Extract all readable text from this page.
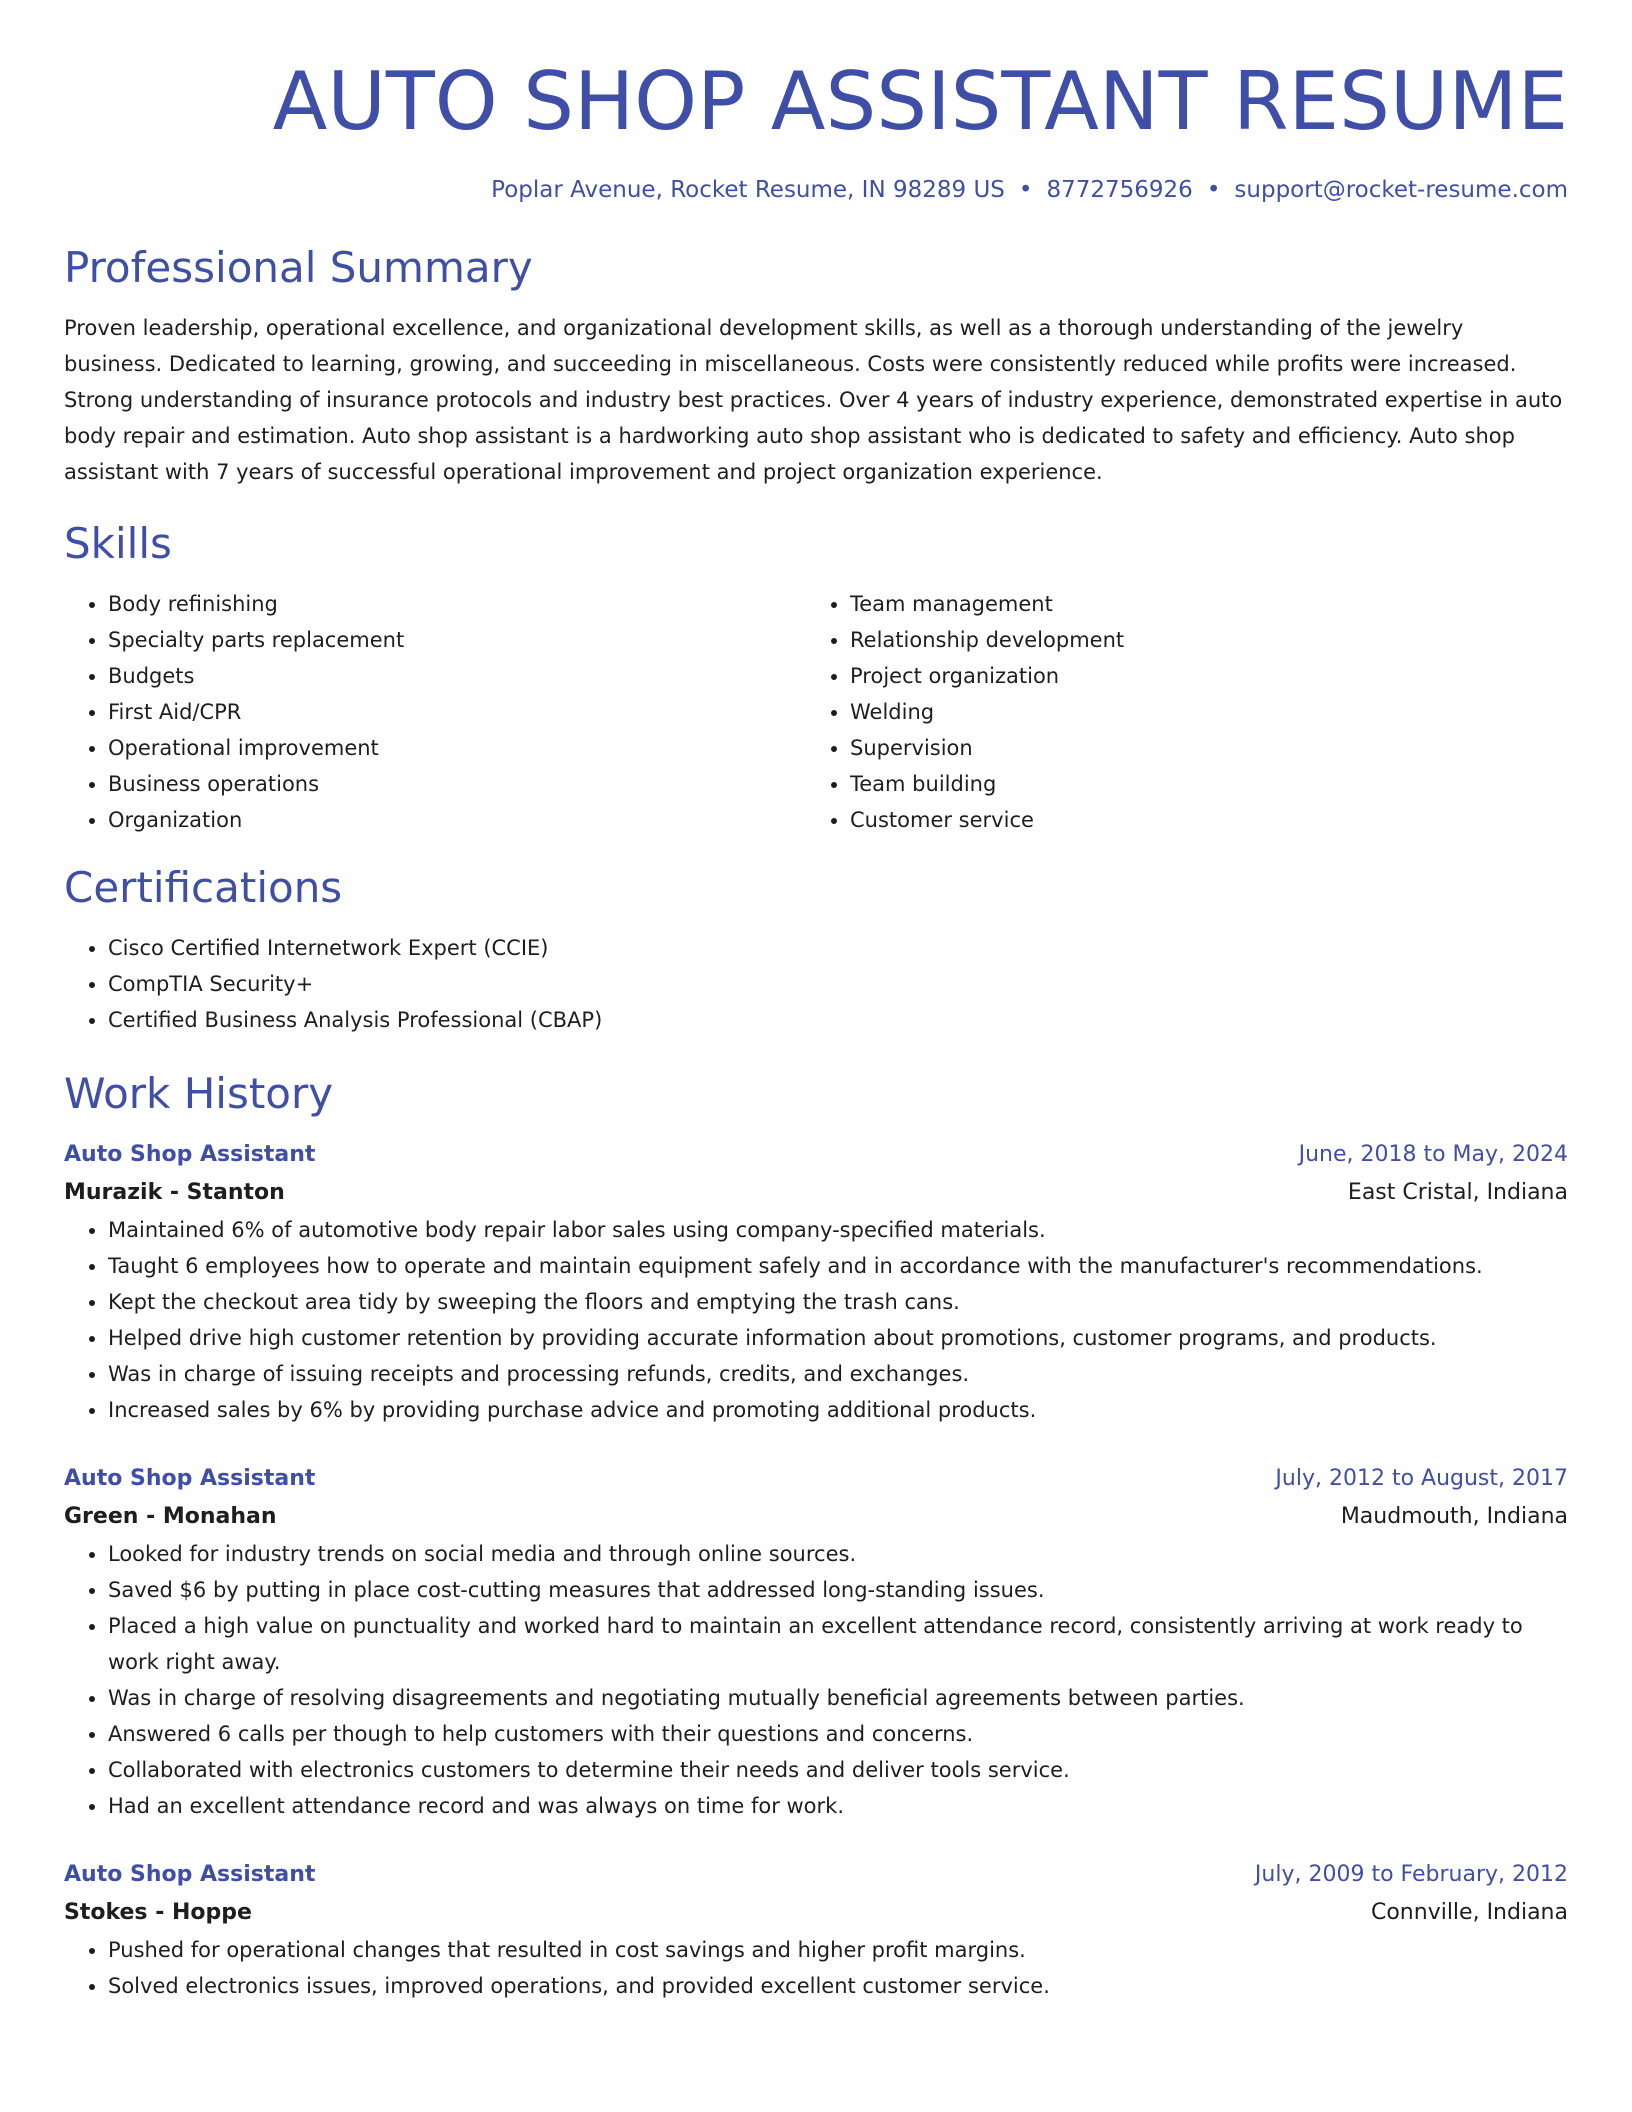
AUTO SHOP ASSISTANT RESUME
Poplar Avenue, Rocket Resume, IN 98289 US • 8772756926 • support@rocket-resume.com
Professional Summary

Proven leadership, operational excellence, and organizational development skills, as well as a thorough understanding of the jewelry business. Dedicated to learning, growing, and succeeding in miscellaneous. Costs were consistently reduced while profits were increased. Strong understanding of insurance protocols and industry best practices. Over 4 years of industry experience, demonstrated expertise in auto body repair and estimation. Auto shop assistant is a hardworking auto shop assistant who is dedicated to safety and efficiency. Auto shop assistant with 7 years of successful operational improvement and project organization experience.

Skills
• Body refinishing
• Specialty parts replacement
• Budgets
• First Aid/CPR
• Operational improvement
• Business operations
• Organization
• Team management
• Relationship development
• Project organization
• Welding
• Supervision
• Team building
• Customer service
Certifications
• Cisco Certified Internetwork Expert (CCIE)
• CompTIA Security+
• Certified Business Analysis Professional (CBAP)
Work History
Auto Shop Assistant	June, 2018 to May, 2024
Murazik - Stanton	East Cristal, Indiana
• Maintained 6% of automotive body repair labor sales using company-specified materials.
• Taught 6 employees how to operate and maintain equipment safely and in accordance with the manufacturer's recommendations.
• Kept the checkout area tidy by sweeping the floors and emptying the trash cans.
• Helped drive high customer retention by providing accurate information about promotions, customer programs, and products.
• Was in charge of issuing receipts and processing refunds, credits, and exchanges.
• Increased sales by 6% by providing purchase advice and promoting additional products.
Auto Shop Assistant	July, 2012 to August, 2017
Green - Monahan	Maudmouth, Indiana
• Looked for industry trends on social media and through online sources.
• Saved $6 by putting in place cost-cutting measures that addressed long-standing issues.
• Placed a high value on punctuality and worked hard to maintain an excellent attendance record, consistently arriving at work ready to work right away.
• Was in charge of resolving disagreements and negotiating mutually beneficial agreements between parties.
• Answered 6 calls per though to help customers with their questions and concerns.
• Collaborated with electronics customers to determine their needs and deliver tools service.
• Had an excellent attendance record and was always on time for work.
Auto Shop Assistant	July, 2009 to February, 2012
Stokes - Hoppe	Connville, Indiana
• Pushed for operational changes that resulted in cost savings and higher profit margins.
• Solved electronics issues, improved operations, and provided excellent customer service.
